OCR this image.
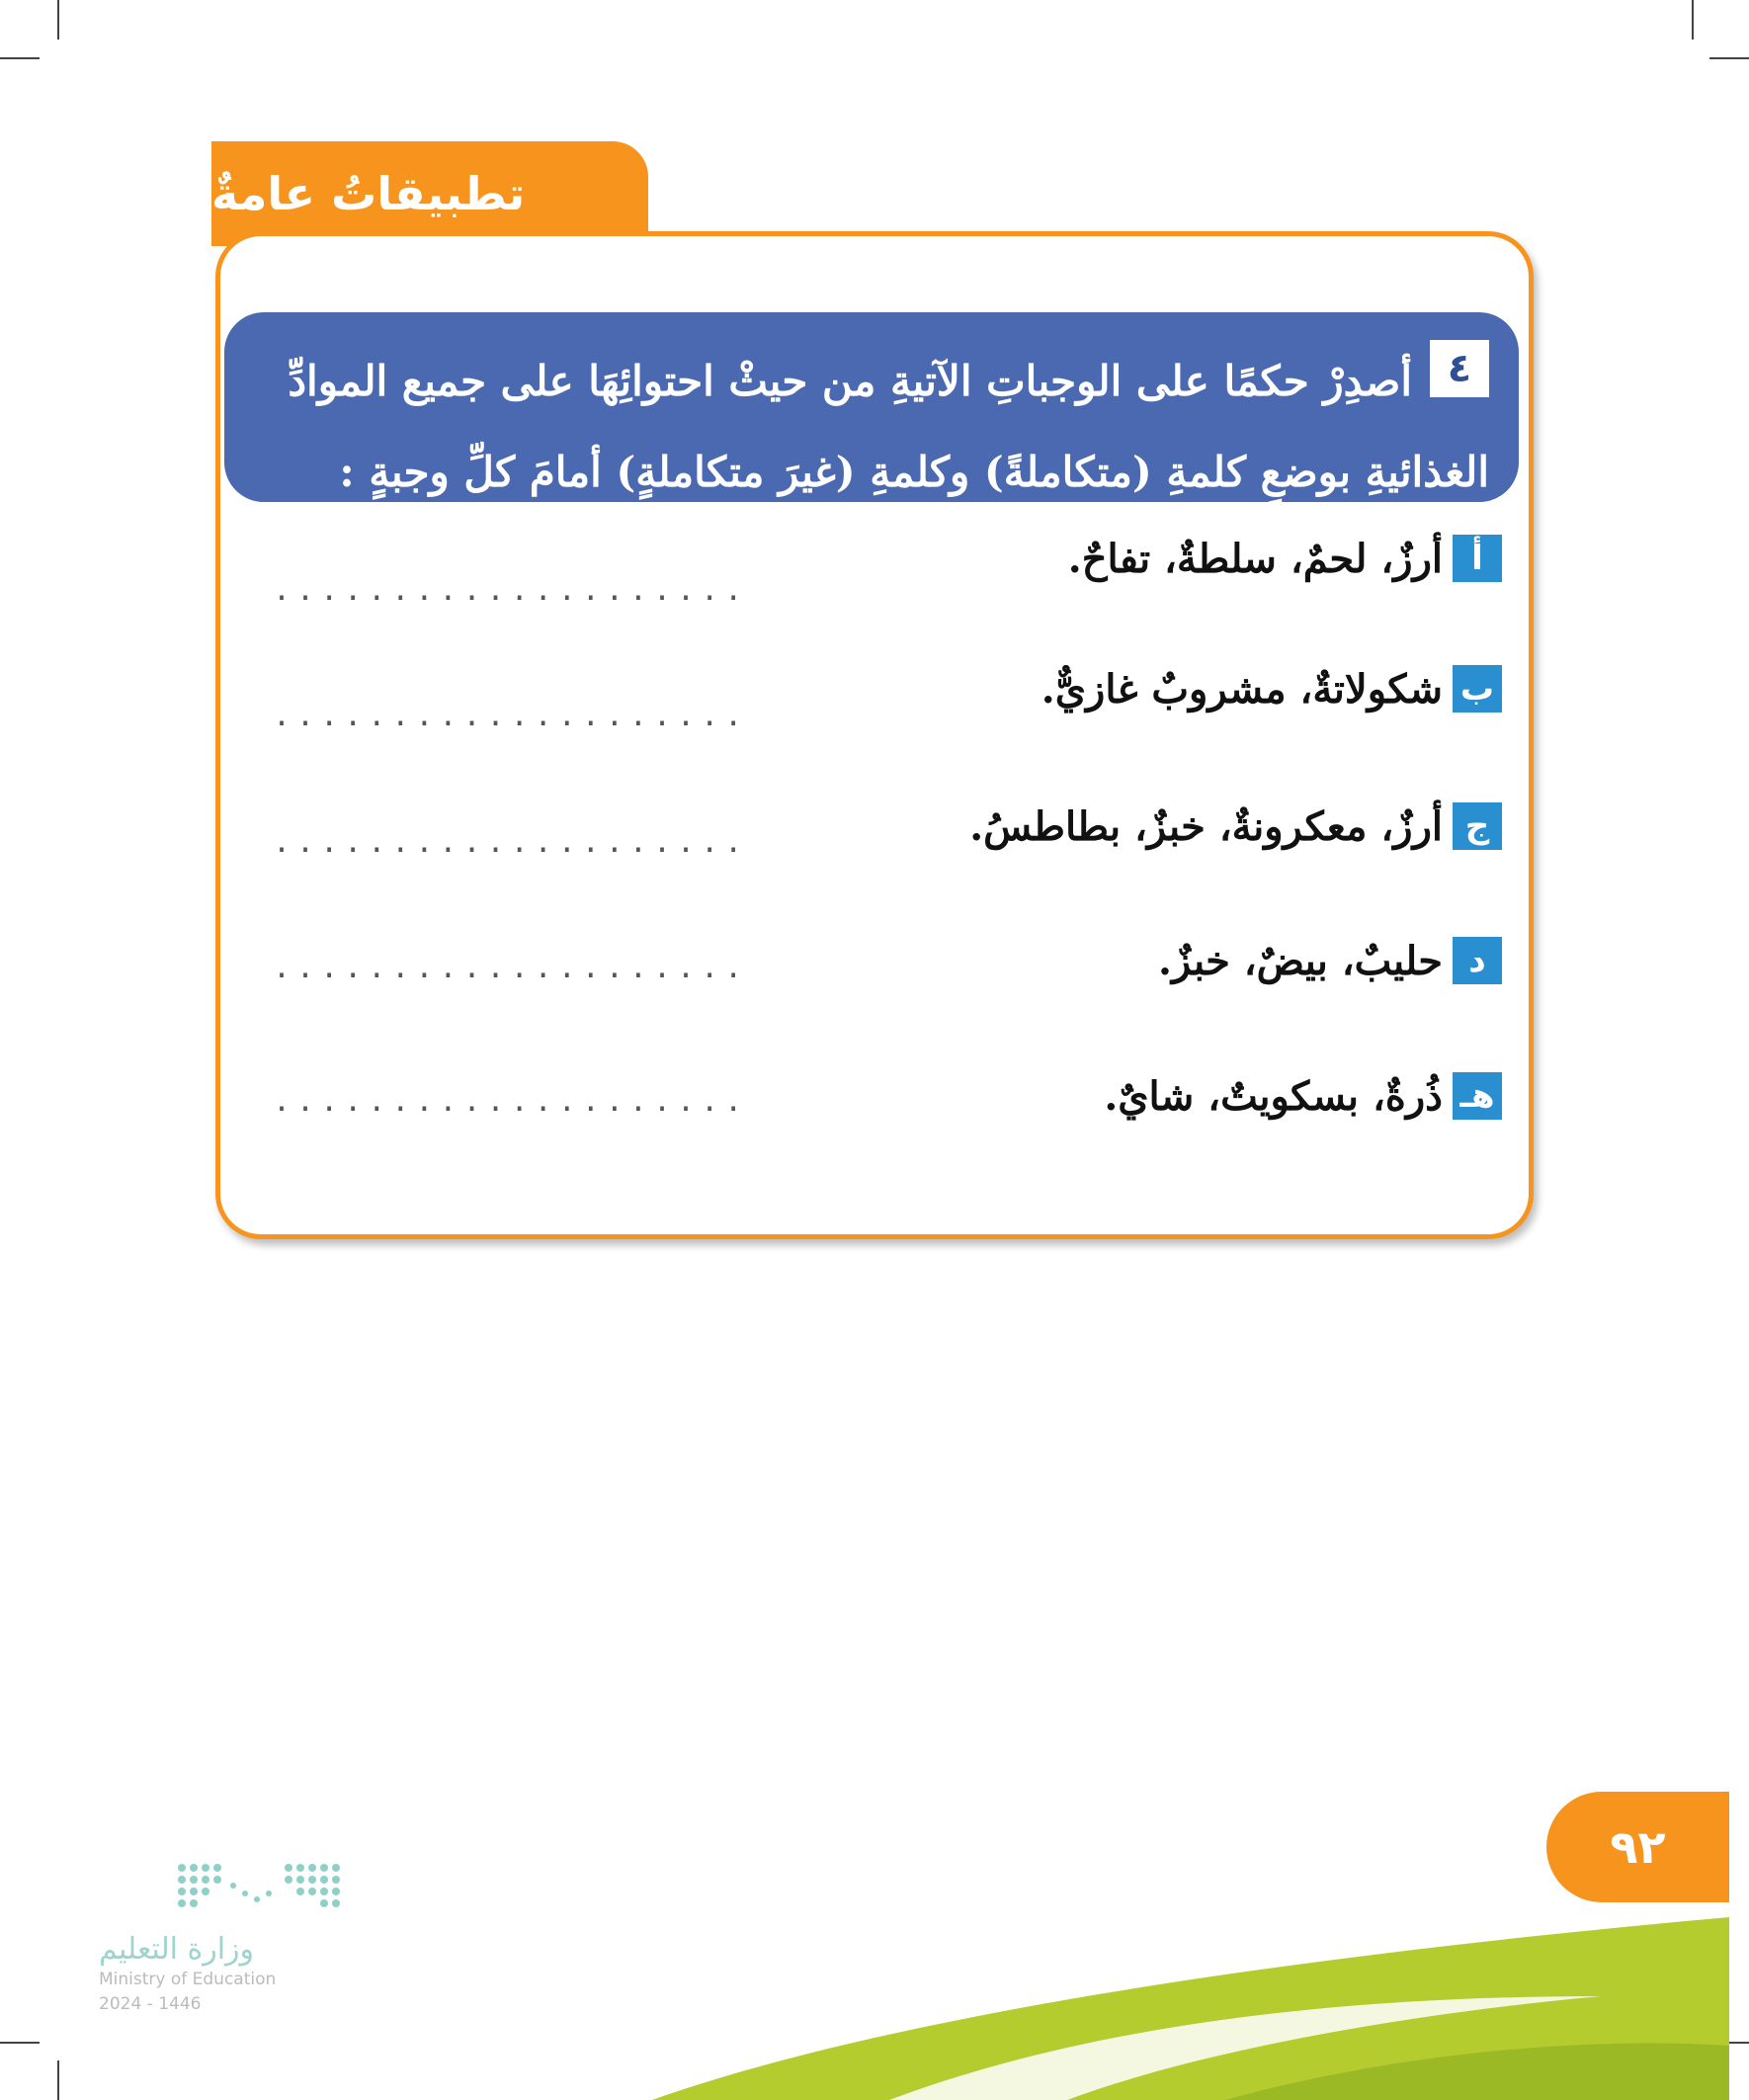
تطبيقاتُ عامةٌ
٤
أصدِرْ حكمًا على الوجباتِ الآتيةِ من حيثْ احتوائِهَا على جميع الموادِّ
الغذائيةِ بوضعِ كلمةِ (متكاملةً) وكلمةِ (غيرَ متكاملةٍ) أمامَ كلِّ وجبةٍ :
أ
أرزٌ، لحمٌ، سلطةٌ، تفاحٌ.
....................
ب
شكولاتةٌ، مشروبٌ غازيٌّ.
....................
ج
أرزٌ، معكرونةٌ، خبزٌ، بطاطسُ.
....................
د
حليبٌ، بيضٌ، خبزٌ.
....................
هـ
ذُرةٌ، بسكويتٌ، شايٌ.
....................
٩٢
وزارة التعليم
Ministry of Education
2024 - 1446
